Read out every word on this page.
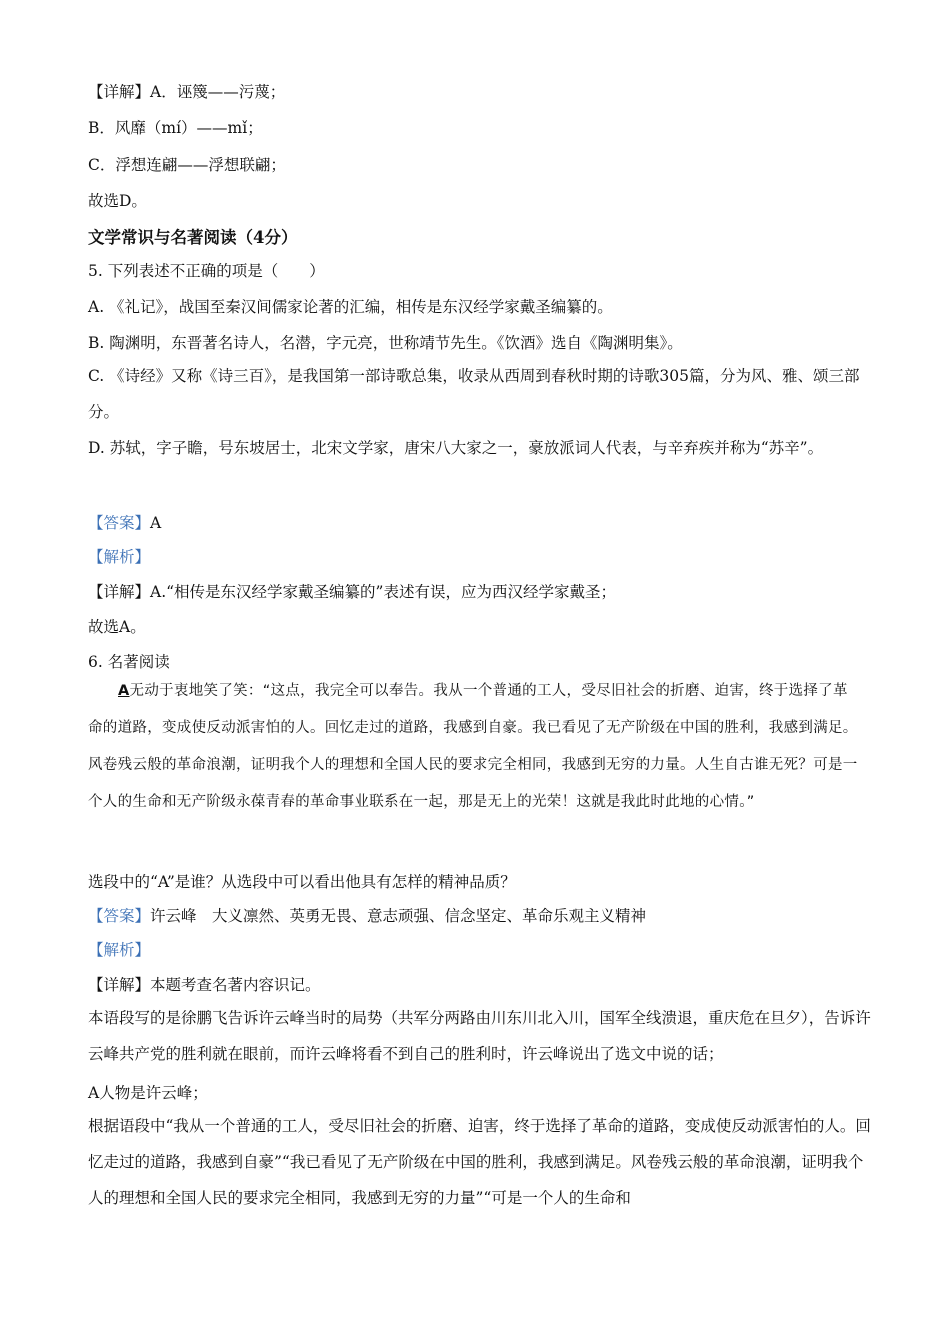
【详解】A．诬篾——污蔑；
B．风靡（mí）——mǐ；
C．浮想连翩——浮想联翩；
故选D。
文学常识与名著阅读（4分）
5. 下列表述不正确的项是（　　）
A. 《礼记》，战国至秦汉间儒家论著的汇编，相传是东汉经学家戴圣编纂的。
B. 陶渊明，东晋著名诗人，名潜，字元亮，世称靖节先生。《饮酒》选自《陶渊明集》。
C. 《诗经》又称《诗三百》，是我国第一部诗歌总集，收录从西周到春秋时期的诗歌305篇，分为风、雅、颂三部分。
D. 苏轼，字子瞻，号东坡居士，北宋文学家，唐宋八大家之一，豪放派词人代表，与辛弃疾并称为“苏辛”。
【答案】A
【解析】
【详解】A.“相传是东汉经学家戴圣编纂的”表述有误，应为西汉经学家戴圣；
故选A。
6. 名著阅读
A无动于衷地笑了笑：“这点，我完全可以奉告。我从一个普通的工人，受尽旧社会的折磨、迫害，终于选择了革命的道路，变成使反动派害怕的人。回忆走过的道路，我感到自豪。我已看见了无产阶级在中国的胜利，我感到满足。风卷残云般的革命浪潮，证明我个人的理想和全国人民的要求完全相同，我感到无穷的力量。人生自古谁无死？可是一个人的生命和无产阶级永葆青春的革命事业联系在一起，那是无上的光荣！这就是我此时此地的心情。”
选段中的“A”是谁？从选段中可以看出他具有怎样的精神品质？
【答案】许云峰　大义凛然、英勇无畏、意志顽强、信念坚定、革命乐观主义精神
【解析】
【详解】本题考查名著内容识记。
本语段写的是徐鹏飞告诉许云峰当时的局势（共军分两路由川东川北入川，国军全线溃退，重庆危在旦夕），告诉许云峰共产党的胜利就在眼前，而许云峰将看不到自己的胜利时，许云峰说出了选文中说的话；
A人物是许云峰；
根据语段中“我从一个普通的工人，受尽旧社会的折磨、迫害，终于选择了革命的道路，变成使反动派害怕的人。回忆走过的道路，我感到自豪”“我已看见了无产阶级在中国的胜利，我感到满足。风卷残云般的革命浪潮，证明我个人的理想和全国人民的要求完全相同，我感到无穷的力量”“可是一个人的生命和
